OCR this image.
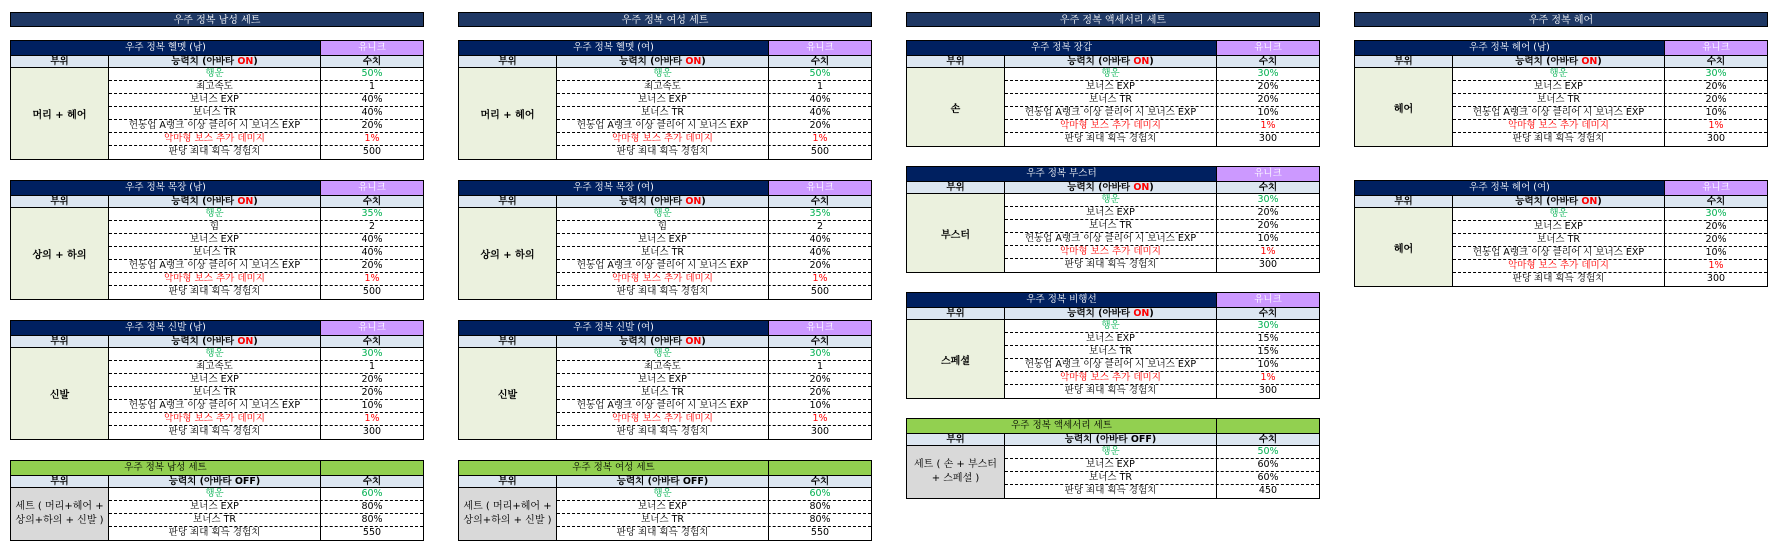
우주 정복 남성 세트	우주 정복 여성 세트	우주 정복 액세서리 세트	우주 정복 헤어
우주 정복 헬멧 (남)	유니크
부위	능력치 (아바타 ON)	수치
머리 + 헤어
행운	50%
최고속도	1
보너스 EXP	40%
보너스 TR	40%
헌동업 A랭크 이상 클리어 시 보너스 EXP	20%
악마형 보스 추가 데미지	1%
판당 최대 획득 경험치	500
우주 정복 목장 (남)	유니크
부위	능력치 (아바타 ON)	수치
상의 + 하의
행운	35%
힘	2
보너스 EXP	40%
보너스 TR	40%
헌동업 A랭크 이상 클리어 시 보너스 EXP	20%
악마형 보스 추가 데미지	1%
판당 최대 획득 경험치	500
우주 정복 신발 (남)	유니크
부위	능력치 (아바타 ON)	수치
신발
행운	30%
최고속도	1
보너스 EXP	20%
보너스 TR	20%
헌동업 A랭크 이상 클리어 시 보너스 EXP	10%
악마형 보스 추가 데미지	1%
판당 최대 획득 경험치	300
우주 정복 남성 세트
부위	능력치 (아바타 OFF)	수치
세트 ( 머리+헤어 + 상의+하의 + 신발 )
행운	60%
보너스 EXP	80%
보너스 TR	80%
판당 최대 획득 경험치	550
우주 정복 헬멧 (여)	유니크
부위	능력치 (아바타 ON)	수치
머리 + 헤어
행운	50%
최고속도	1
보너스 EXP	40%
보너스 TR	40%
헌동업 A랭크 이상 클리어 시 보너스 EXP	20%
악마형 보스 추가 데미지	1%
판당 최대 획득 경험치	500
우주 정복 목장 (여)	유니크
부위	능력치 (아바타 ON)	수치
상의 + 하의
행운	35%
힘	2
보너스 EXP	40%
보너스 TR	40%
헌동업 A랭크 이상 클리어 시 보너스 EXP	20%
악마형 보스 추가 데미지	1%
판당 최대 획득 경험치	500
우주 정복 신발 (여)	유니크
부위	능력치 (아바타 ON)	수치
신발
행운	30%
최고속도	1
보너스 EXP	20%
보너스 TR	20%
헌동업 A랭크 이상 클리어 시 보너스 EXP	10%
악마형 보스 추가 데미지	1%
판당 최대 획득 경험치	300
우주 정복 여성 세트
부위	능력치 (아바타 OFF)	수치
세트 ( 머리+헤어 + 상의+하의 + 신발 )
행운	60%
보너스 EXP	80%
보너스 TR	80%
판당 최대 획득 경험치	550
우주 정복 장갑	유니크
부위	능력치 (아바타 ON)	수치
손
행운	30%
보너스 EXP	20%
보너스 TR	20%
헌동업 A랭크 이상 클리어 시 보너스 EXP	10%
악마형 보스 추가 데미지	1%
판당 최대 획득 경험치	300
우주 정복 부스터	유니크
부위	능력치 (아바타 ON)	수치
부스터
행운	30%
보너스 EXP	20%
보너스 TR	20%
헌동업 A랭크 이상 클리어 시 보너스 EXP	10%
악마형 보스 추가 데미지	1%
판당 최대 획득 경험치	300
우주 정복 비행선	유니크
부위	능력치 (아바타 ON)	수치
스페셜
행운	30%
보너스 EXP	15%
보너스 TR	15%
헌동업 A랭크 이상 클리어 시 보너스 EXP	10%
악마형 보스 추가 데미지	1%
판당 최대 획득 경험치	300
우주 정복 액세서리 세트
부위	능력치 (아바타 OFF)	수치
세트 ( 손 + 부스터 + 스페셜 )
행운	50%
보너스 EXP	60%
보너스 TR	60%
판당 최대 획득 경험치	450
우주 정복 헤어 (남)	유니크
부위	능력치 (아바타 ON)	수치
헤어
행운	30%
보너스 EXP	20%
보너스 TR	20%
헌동업 A랭크 이상 클리어 시 보너스 EXP	10%
악마형 보스 추가 데미지	1%
판당 최대 획득 경험치	300
우주 정복 헤어 (여)	유니크
부위	능력치 (아바타 ON)	수치
헤어
행운	30%
보너스 EXP	20%
보너스 TR	20%
헌동업 A랭크 이상 클리어 시 보너스 EXP	10%
악마형 보스 추가 데미지	1%
판당 최대 획득 경험치	300
